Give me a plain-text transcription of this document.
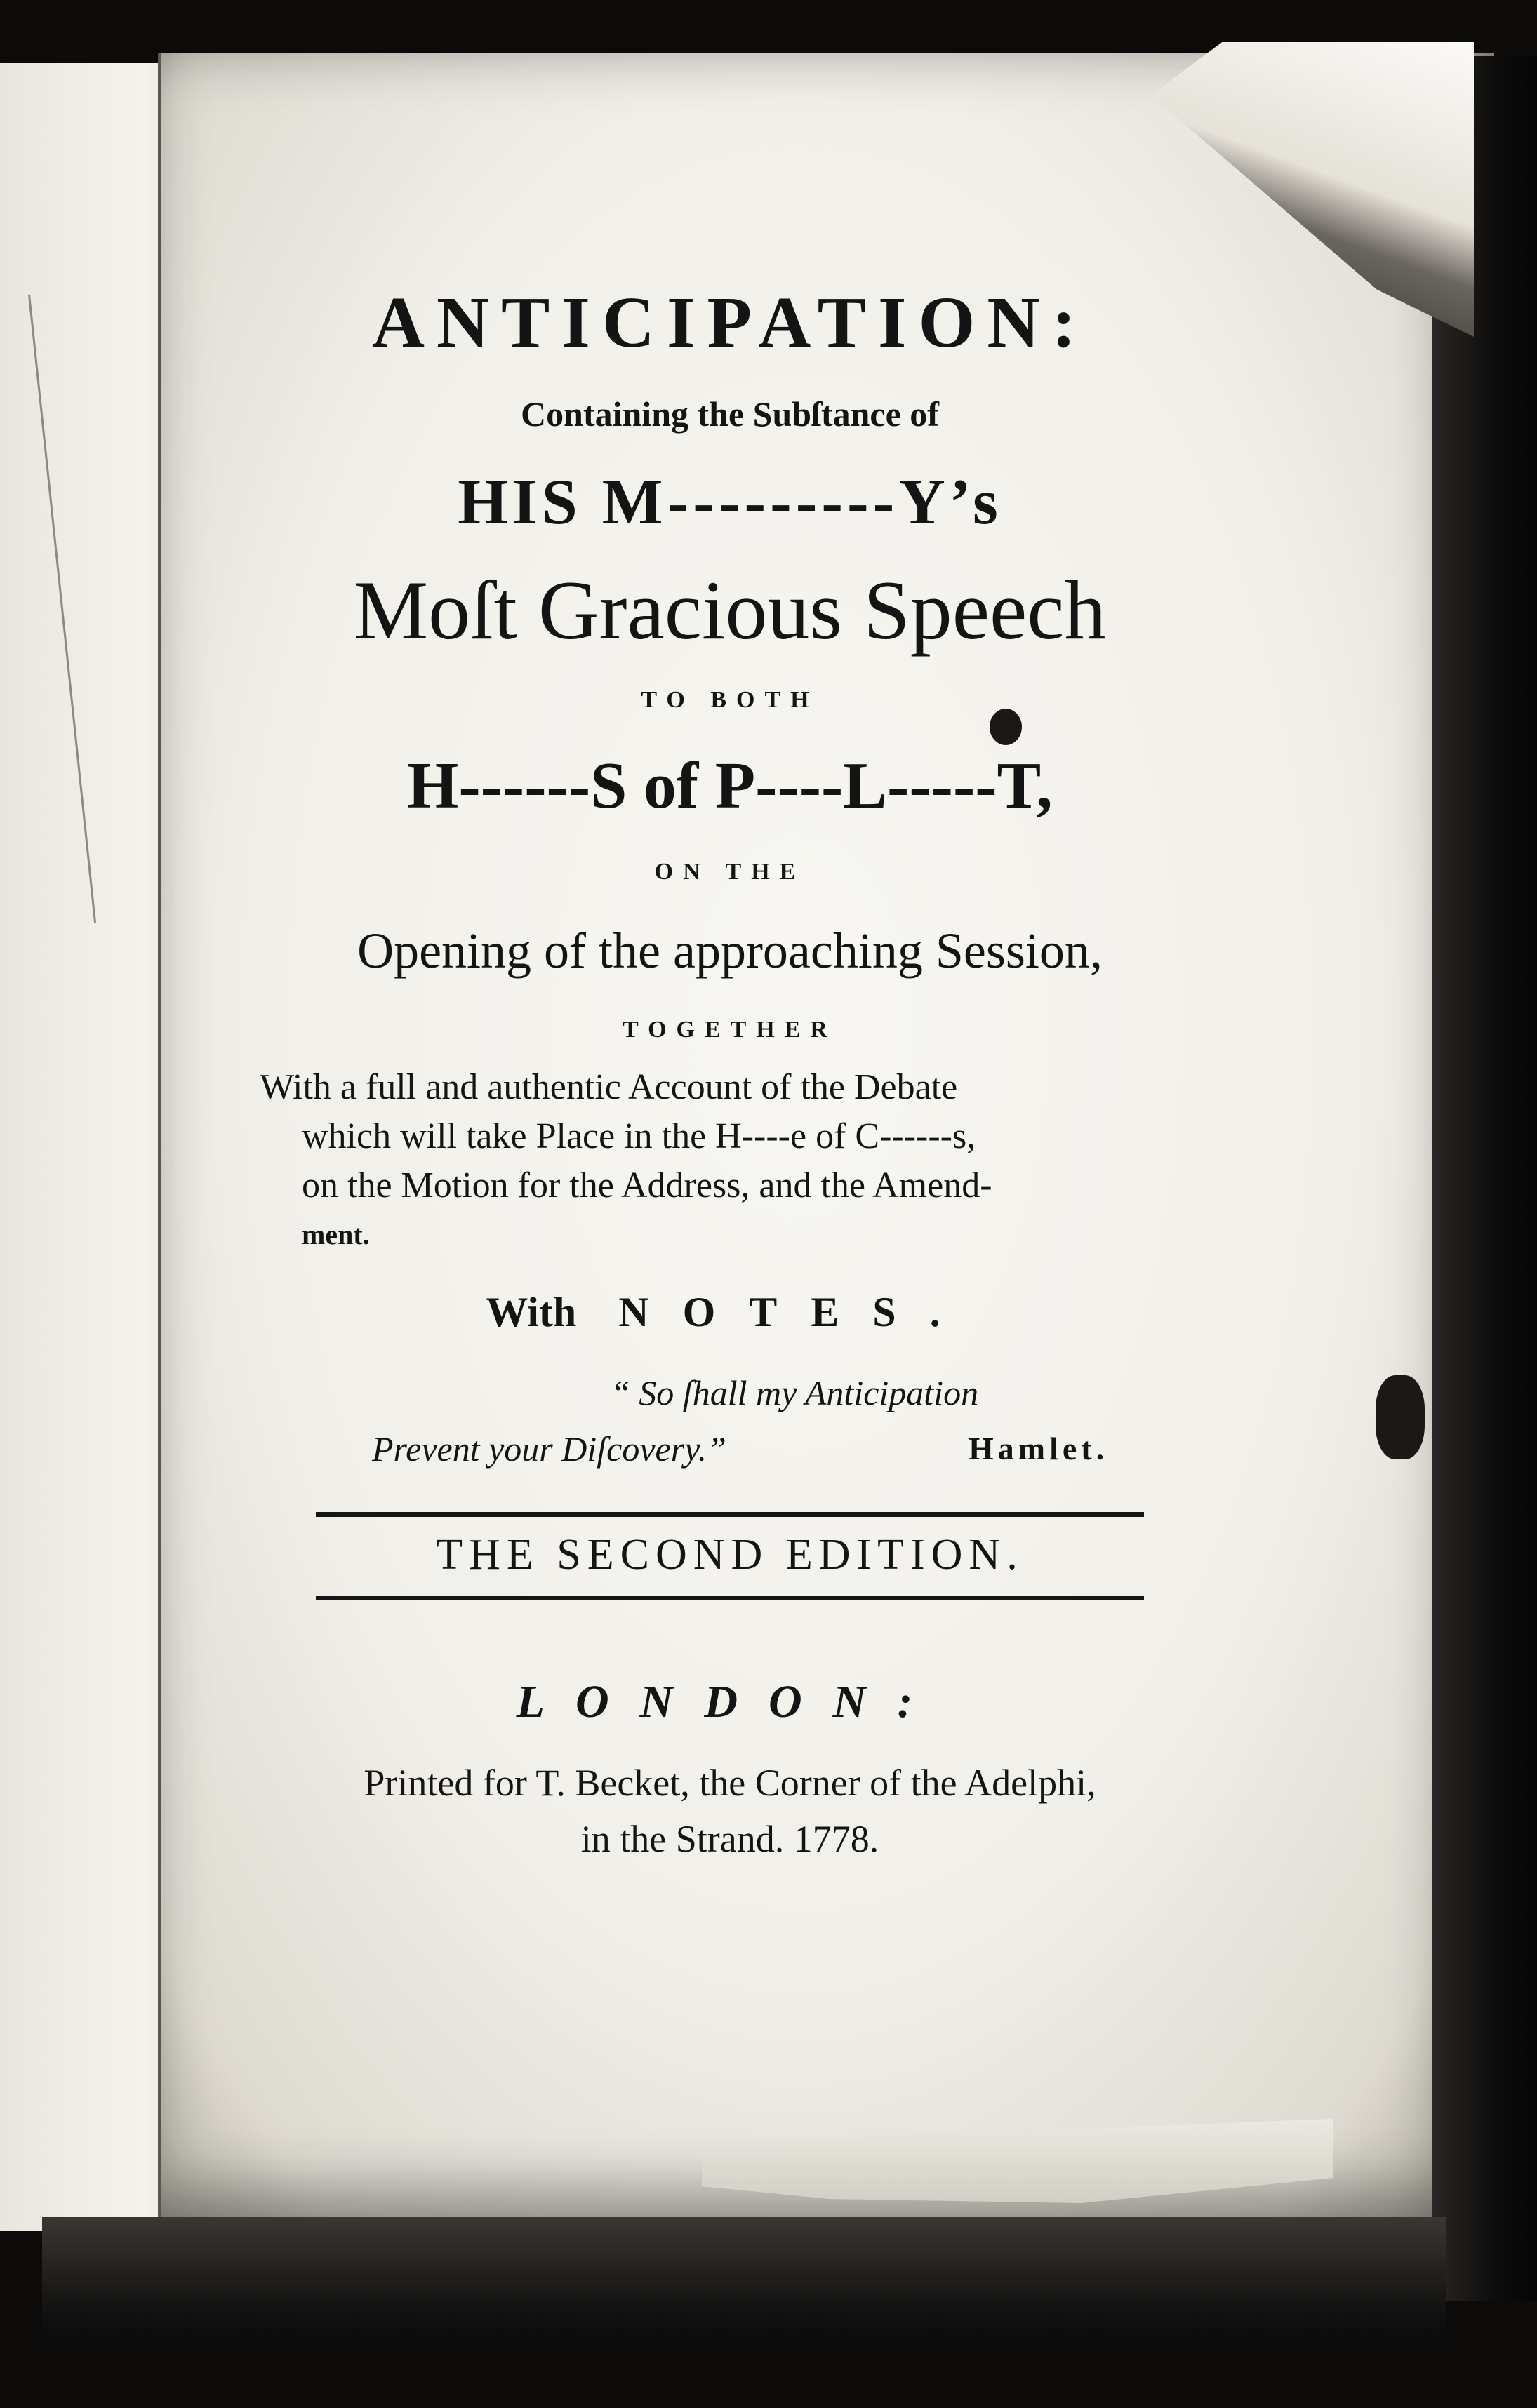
ANTICIPATION:
Containing the Subſtance of
HIS M---------Y’s
Moſt Gracious Speech
TO BOTH
H------S of P----L-----T,
ON THE
Opening of the approaching Session,
TOGETHER
With a full and authentic Account of the Debate
which will take Place in the H----e of C------s,
on the Motion for the Address, and the Amend-
ment.
With NOTES.
“ So ſhall my Anticipation
Prevent your Diſcovery.”	Hamlet.
THE SECOND EDITION.
LONDON:
Printed for T. Becket, the Corner of the Adelphi,
in the Strand. 1778.
